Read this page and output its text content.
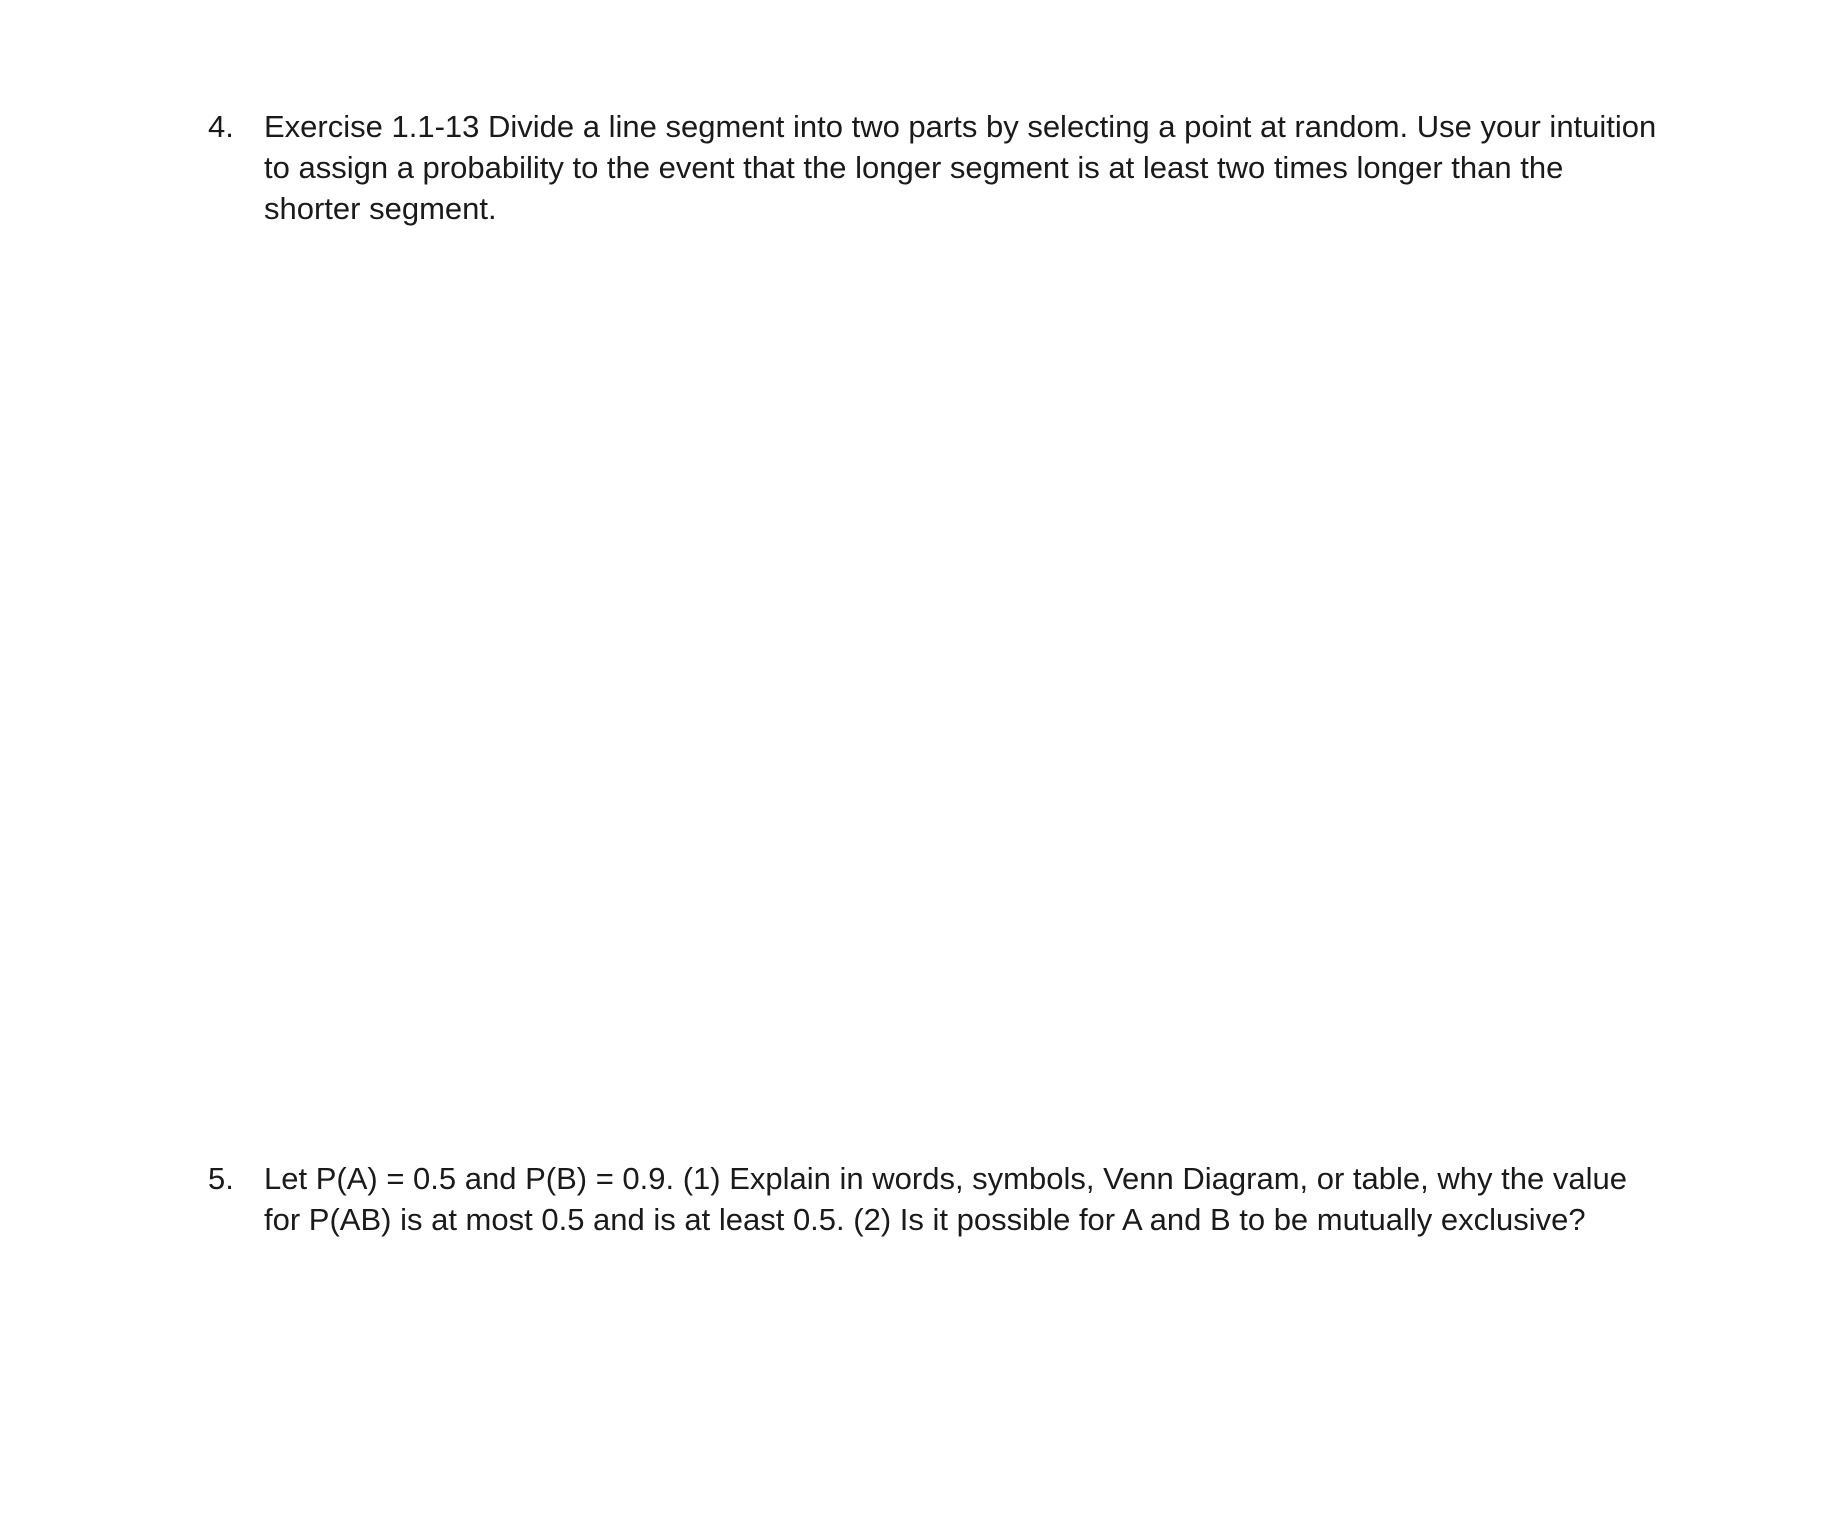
4. Exercise 1.1-13 Divide a line segment into two parts by selecting a point at random. Use your intuition to assign a probability to the event that the longer segment is at least two times longer than the shorter segment.
5. Let P(A) = 0.5 and P(B) = 0.9. (1) Explain in words, symbols, Venn Diagram, or table, why the value for P(AB) is at most 0.5 and is at least 0.5. (2) Is it possible for A and B to be mutually exclusive?
